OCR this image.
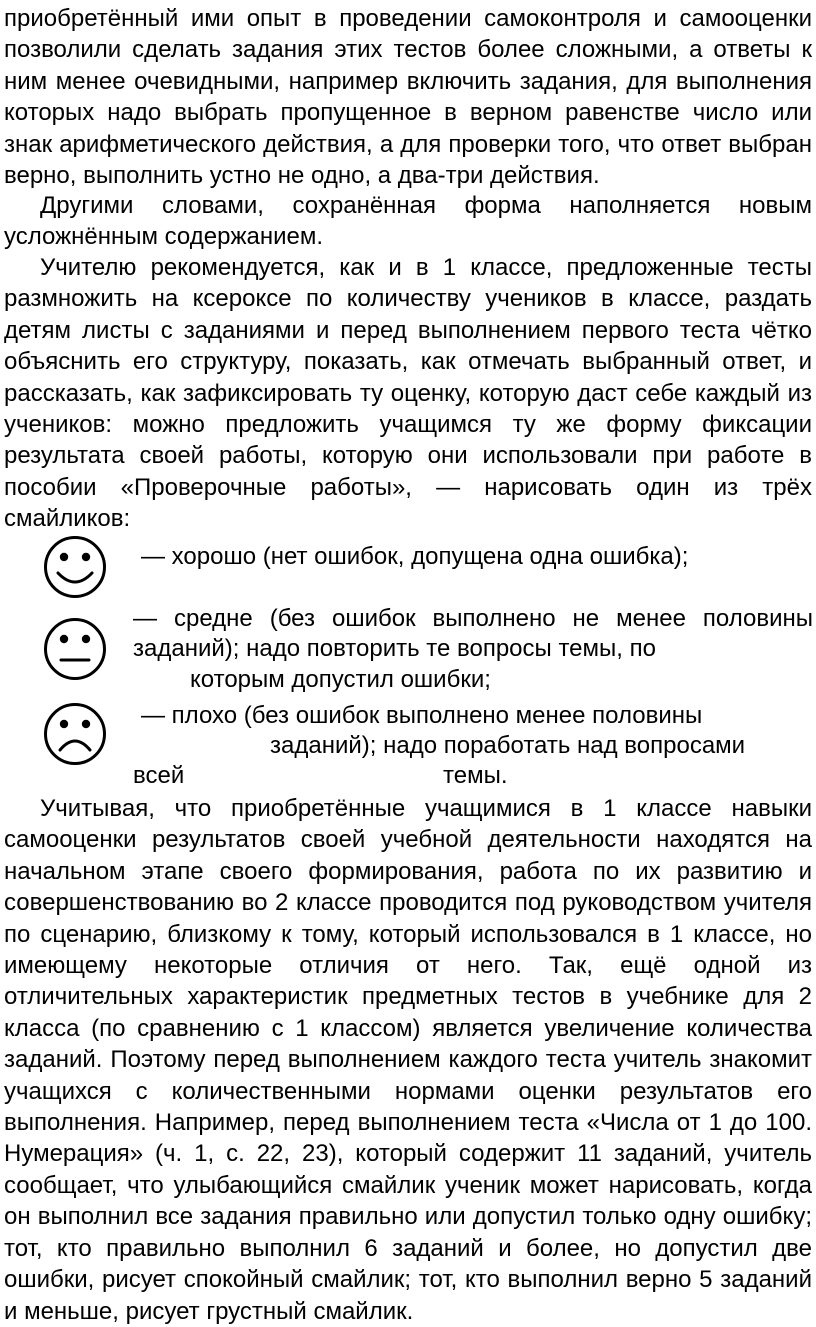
приобретённый ими опыт в проведении самоконтроля и самооценки позволили сделать задания этих тестов более сложными, а ответы к ним менее очевидными, например включить задания, для выполнения которых надо выбрать пропущенное в верном равенстве число или знак арифметического действия, а для проверки того, что ответ выбран верно, выполнить устно не одно, а два-три действия.

Другими словами, сохранённая форма наполняется новым усложнённым содержанием.

Учителю рекомендуется, как и в 1 классе, предложенные тесты размножить на ксероксе по количеству учеников в классе, раздать детям листы с заданиями и перед выполнением первого теста чётко объяснить его структуру, показать, как отмечать выбранный ответ, и рассказать, как зафиксировать ту оценку, которую даст себе каждый из учеников: можно предложить учащимся ту же форму фиксации результата своей работы, которую они использовали при работе в пособии «Проверочные работы», — нарисовать один из трёх смайликов:

— хорошо (нет ошибок, допущена одна ошибка);
— средне (без ошибок выполнено не менее половины
заданий); надо повторить те вопросы темы, по
которым допустил ошибки;
— плохо (без ошибок выполнено менее половины
заданий); надо поработать над вопросами
всей	темы.

Учитывая, что приобретённые учащимися в 1 классе навыки самооценки результатов своей учебной деятельности находятся на начальном этапе своего формирования, работа по их развитию и совершенствованию во 2 классе проводится под руководством учителя по сценарию, близкому к тому, который использовался в 1 классе, но имеющему некоторые отличия от него. Так, ещё одной из отличительных характеристик предметных тестов в учебнике для 2 класса (по сравнению с 1 классом) является увеличение количества заданий. Поэтому перед выполнением каждого теста учитель знакомит учащихся с количественными нормами оценки результатов его выполнения. Например, перед выполнением теста «Числа от 1 до 100. Нумерация» (ч. 1, с. 22, 23), который содержит 11 заданий, учитель сообщает, что улыбающийся смайлик ученик может нарисовать, когда он выполнил все задания правильно или допустил только одну ошибку; тот, кто правильно выполнил 6 заданий и более, но допустил две ошибки, рисует спокойный смайлик; тот, кто выполнил верно 5 заданий и меньше, рисует грустный смайлик.
